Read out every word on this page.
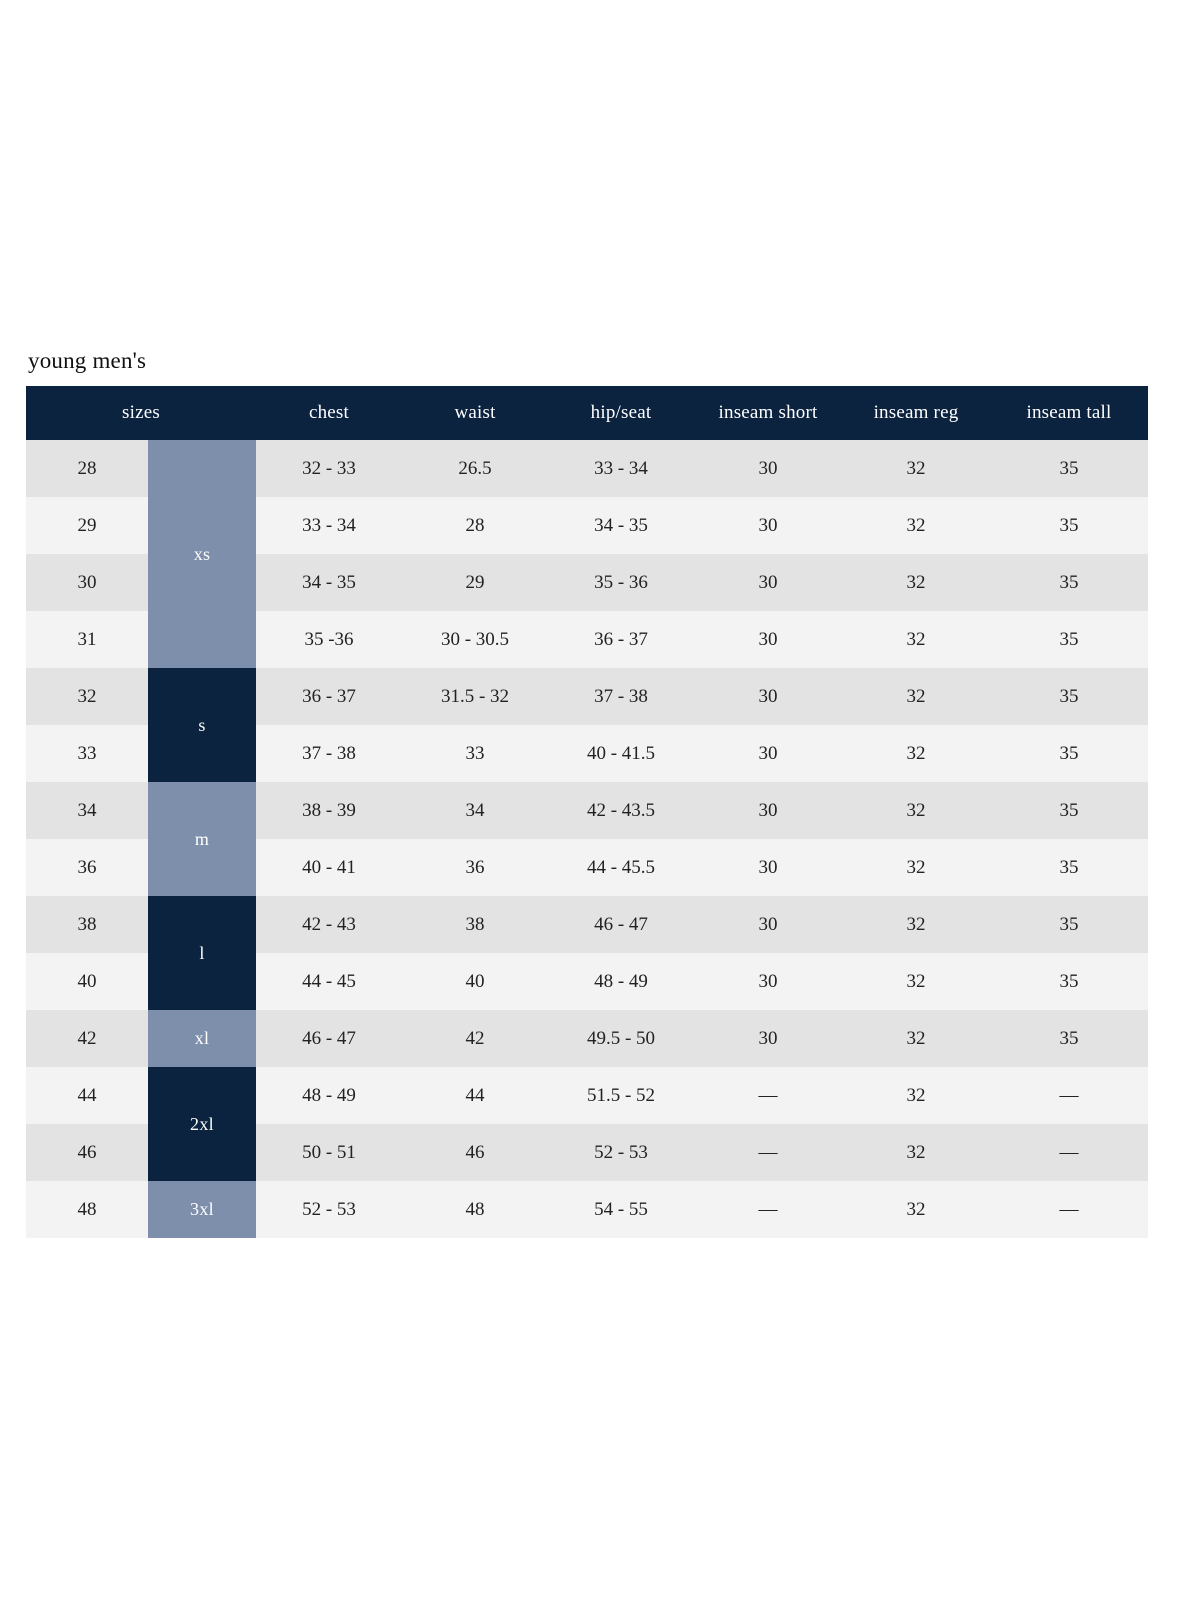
young men's
sizes		chest	waist	hip/seat	inseam short	inseam reg	inseam tall
28	xs	32 - 33	26.5	33 - 34	30	32	35
29		33 - 34	28	34 - 35	30	32	35
30		34 - 35	29	35 - 36	30	32	35
31		35 -36	30 - 30.5	36 - 37	30	32	35
32	s	36 - 37	31.5 - 32	37 - 38	30	32	35
33		37 - 38	33	40 - 41.5	30	32	35
34	m	38 - 39	34	42 - 43.5	30	32	35
36		40 - 41	36	44 - 45.5	30	32	35
38	l	42 - 43	38	46 - 47	30	32	35
40		44 - 45	40	48 - 49	30	32	35
42	xl	46 - 47	42	49.5 - 50	30	32	35
44	2xl	48 - 49	44	51.5 - 52	—	32	—
46		50 - 51	46	52 - 53	—	32	—
48	3xl	52 - 53	48	54 - 55	—	32	—
